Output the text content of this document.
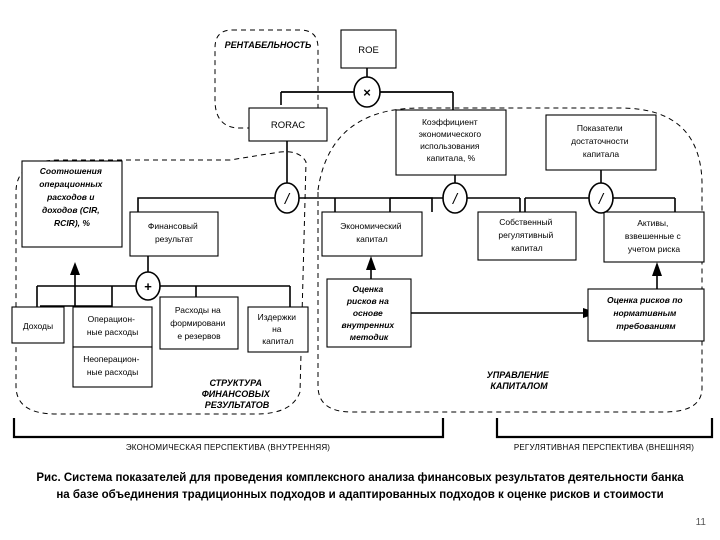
ROE
RORAC	Коэффициент экономического использования капитала, %
Показатели достаточности капитала
Соотношения операционных расходов и доходов (CIR, RCIR), %	Финансовый результат
Экономический капитал
Собственный регулятивный капитал
Активы, взвешенные с учетом риска
Доходы
Операцион- ные расходы
Неоперацион- ные расходы
Расходы на формировани е резервов
Издержки на капитал
Оценка рисков на основе внутренних методик
Оценка рисков по нормативным требованиям
×
/	/	/
+
РЕНТАБЕЛЬНОСТЬ
СТРУКТУРА ФИНАНСОВЫХ РЕЗУЛЬТАТОВ
УПРАВЛЕНИЕ КАПИТАЛОМ
ЭКОНОМИЧЕСКАЯ ПЕРСПЕКТИВА (ВНУТРЕННЯЯ)	РЕГУЛЯТИВНАЯ ПЕРСПЕКТИВА (ВНЕШНЯЯ)
Рис. Система показателей для проведения комплексного анализа финансовых результатов деятельности банка на базе объединения традиционных подходов и адаптированных подходов к оценке рисков и стоимости
11
